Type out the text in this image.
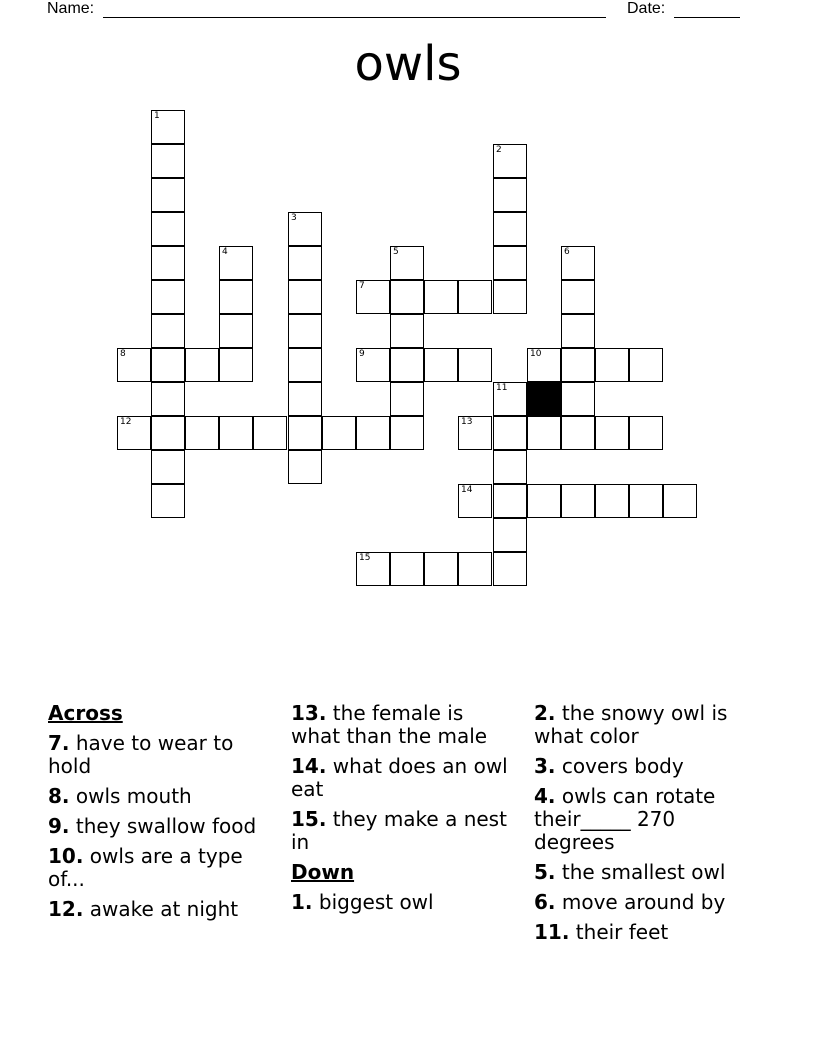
Name:	Date:
owls
1
2
3
4	5	6
7
8	9	10
11
12	13
14
15
Across
7. have to wear to hold
8. owls mouth
9. they swallow food
10. owls are a type of...
12. awake at night
13. the female is what than the male
14. what does an owl eat
15. they make a nest in
Down
1. biggest owl
2. the snowy owl is what color
3. covers body
4. owls can rotate their_____ 270 degrees
5. the smallest owl
6. move around by
11. their feet
